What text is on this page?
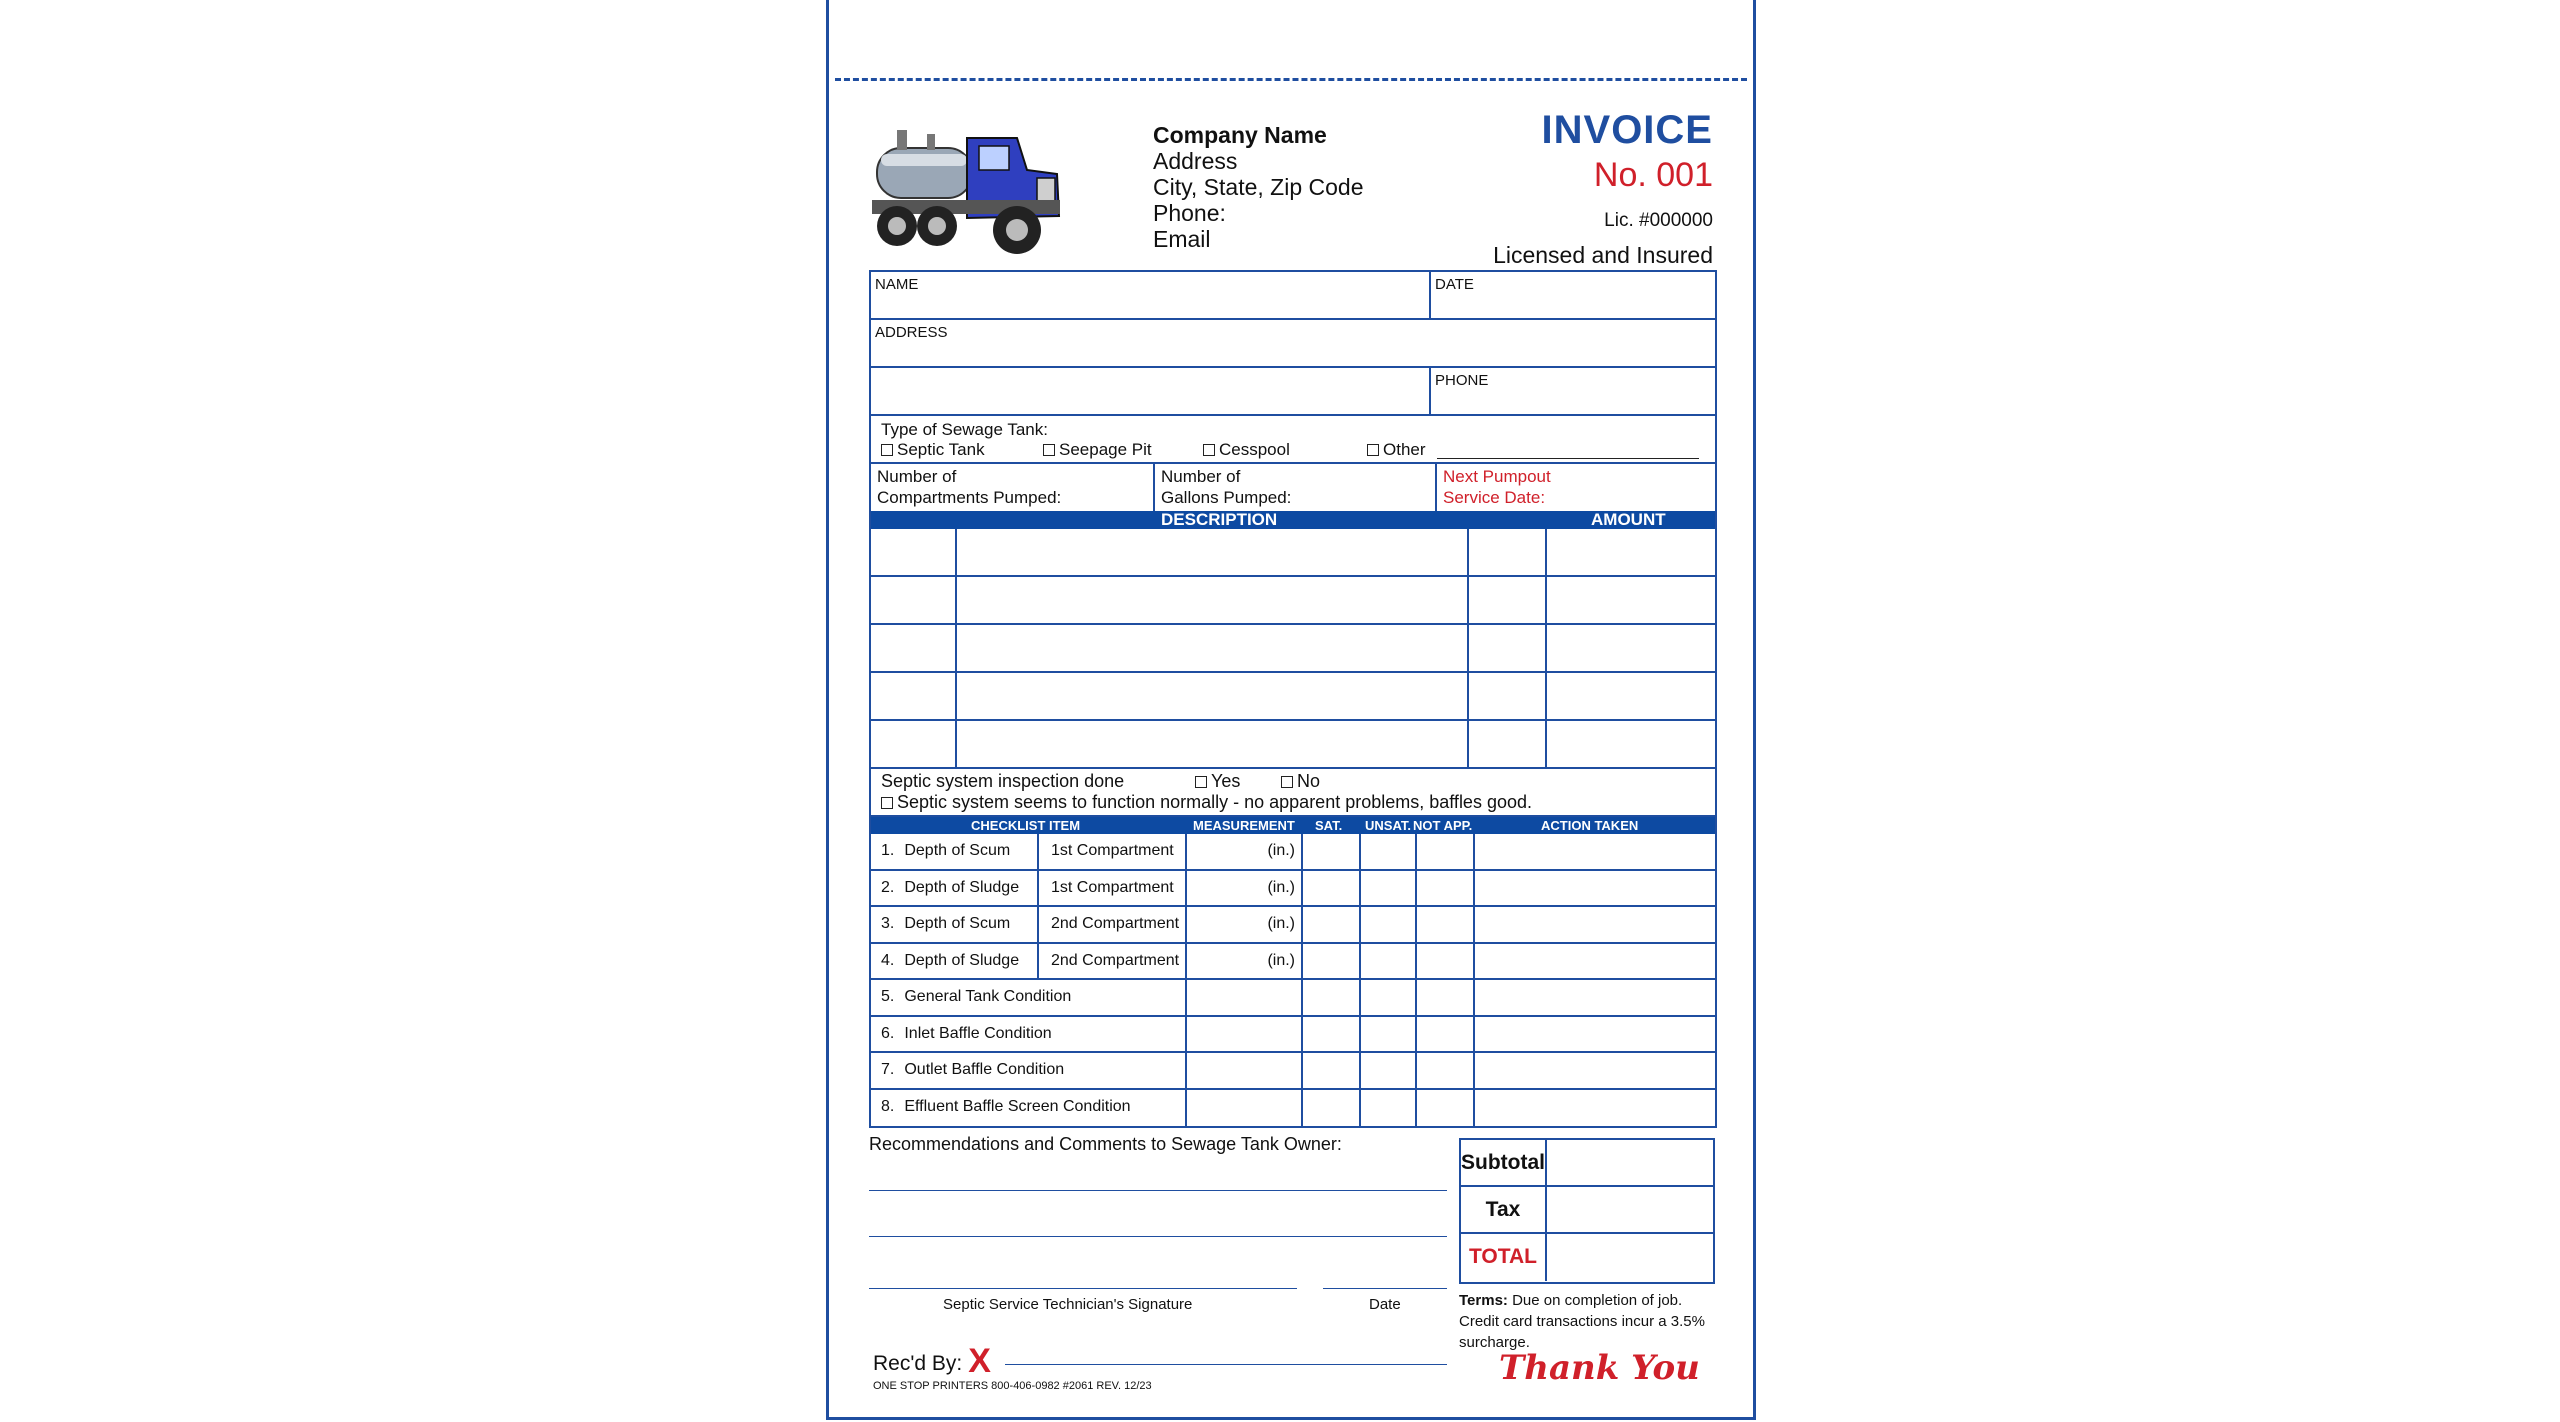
Company Name
Address
City, State, Zip Code
Phone:
Email
INVOICE
No. 001
Lic. #000000
Licensed and Insured
NAME	DATE
ADDRESS
PHONE
Type of Sewage Tank:
Septic Tank	Seepage Pit	Cesspool	Other
Number of
Compartments Pumped:
Number of
Gallons Pumped:
Next Pumpout
Service Date:
DESCRIPTION	AMOUNT
Septic system inspection done	Yes	No
Septic system seems to function normally - no apparent problems, baffles good.
CHECKLIST ITEM	MEASUREMENT SAT. UNSAT. NOT APP.	ACTION TAKEN
1. Depth of Scum	1st Compartment	(in.)
2. Depth of Sludge 1st Compartment	(in.)
3. Depth of Scum	2nd Compartment	(in.)
4. Depth of Sludge 2nd Compartment	(in.)
5. General Tank Condition
6. Inlet Baffle Condition
7. Outlet Baffle Condition
8. Effluent Baffle Screen Condition
Recommendations and Comments to Sewage Tank Owner:
Septic Service Technician's Signature	Date
Rec'd By: X
ONE STOP PRINTERS 800-406-0982 #2061 REV. 12/23
Subtotal
Tax
TOTAL
Terms: Due on completion of job.
Credit card transactions incur a 3.5%
surcharge.
Thank You
